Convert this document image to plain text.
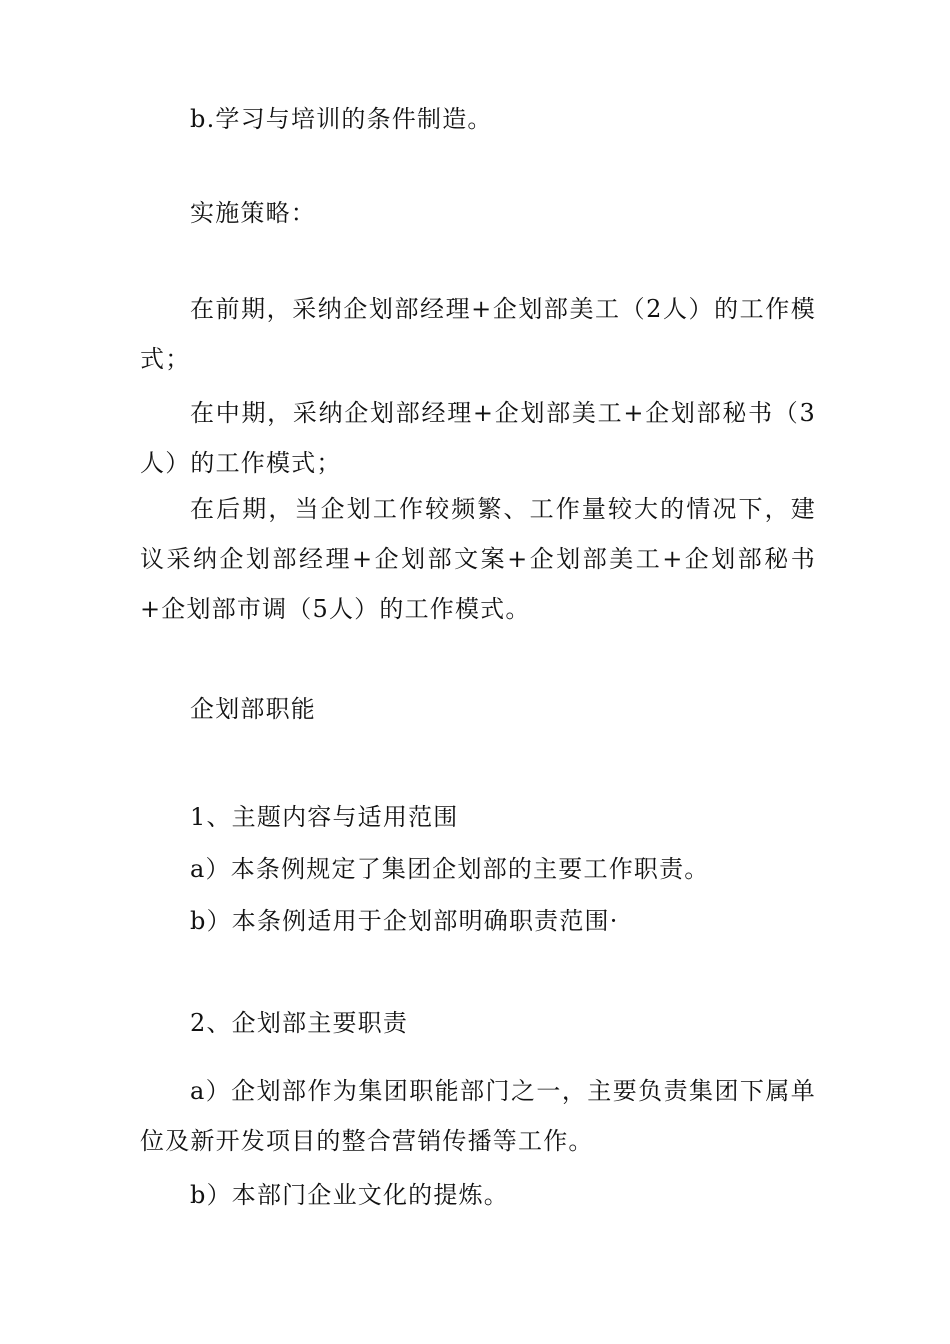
b.学习与培训的条件制造。

实施策略：

在前期，采纳企划部经理+企划部美工（2人）的工作模式；

在中期，采纳企划部经理+企划部美工+企划部秘书（3人）的工作模式；

在后期，当企划工作较频繁、工作量较大的情况下，建议采纳企划部经理+企划部文案+企划部美工+企划部秘书+企划部市调（5人）的工作模式。

企划部职能

1、主题内容与适用范围

a）本条例规定了集团企划部的主要工作职责。

b）本条例适用于企划部明确职责范围·

2、企划部主要职责

a）企划部作为集团职能部门之一，主要负责集团下属单位及新开发项目的整合营销传播等工作。

b）本部门企业文化的提炼。
